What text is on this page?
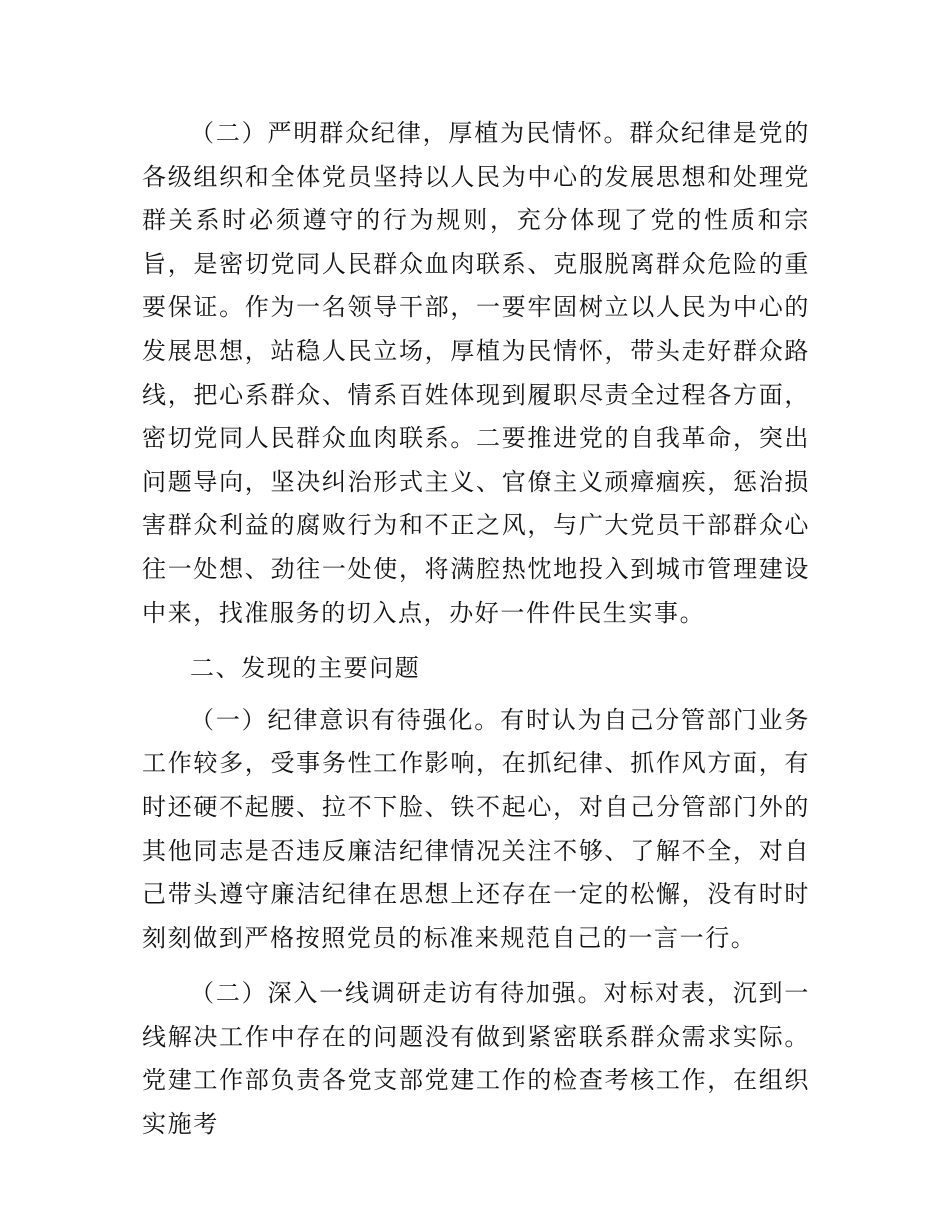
（二）严明群众纪律，厚植为民情怀。群众纪律是党的各级组织和全体党员坚持以人民为中心的发展思想和处理党群关系时必须遵守的行为规则，充分体现了党的性质和宗旨，是密切党同人民群众血肉联系、克服脱离群众危险的重要保证。作为一名领导干部，一要牢固树立以人民为中心的发展思想，站稳人民立场，厚植为民情怀，带头走好群众路线，把心系群众、情系百姓体现到履职尽责全过程各方面，密切党同人民群众血肉联系。二要推进党的自我革命，突出问题导向，坚决纠治形式主义、官僚主义顽瘴痼疾，惩治损害群众利益的腐败行为和不正之风，与广大党员干部群众心往一处想、劲往一处使，将满腔热忱地投入到城市管理建设中来，找准服务的切入点，办好一件件民生实事。

二、发现的主要问题

（一）纪律意识有待强化。有时认为自己分管部门业务工作较多，受事务性工作影响，在抓纪律、抓作风方面，有时还硬不起腰、拉不下脸、铁不起心，对自己分管部门外的其他同志是否违反廉洁纪律情况关注不够、了解不全，对自己带头遵守廉洁纪律在思想上还存在一定的松懈，没有时时刻刻做到严格按照党员的标准来规范自己的一言一行。

（二）深入一线调研走访有待加强。对标对表，沉到一线解决工作中存在的问题没有做到紧密联系群众需求实际。党建工作部负责各党支部党建工作的检查考核工作，在组织实施考
